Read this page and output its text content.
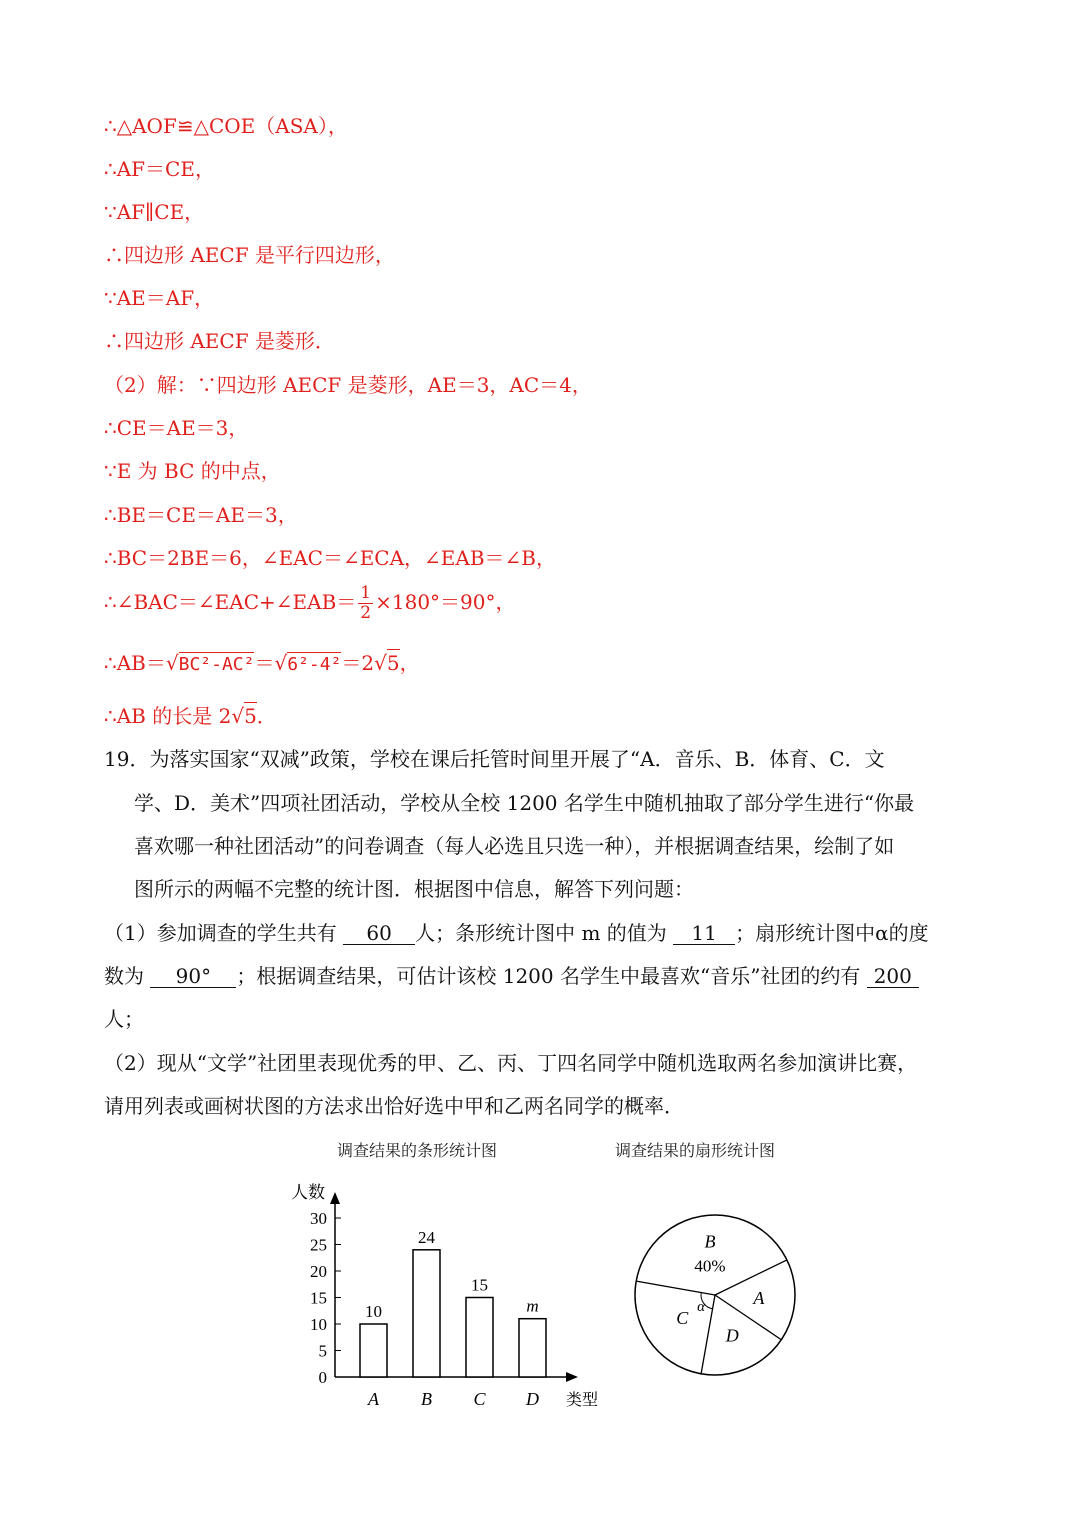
∴△AOF≌△COE（ASA），
∴AF＝CE，
∵AF∥CE，
∴四边形 AECF 是平行四边形，
∵AE＝AF，
∴四边形 AECF 是菱形．
（2）解：∵四边形 AECF 是菱形，AE＝3，AC＝4，
∴CE＝AE＝3，
∵E 为 BC 的中点，
∴BE＝CE＝AE＝3，
∴BC＝2BE＝6，∠EAC＝∠ECA，∠EAB＝∠B，
∴∠BAC＝∠EAC+∠EAB＝ $\frac{1}{2} \times 180^\circ=90^\circ$，
∴AB＝√BC²-AC²＝√6²-4²＝2√5，
∴AB 的长是 2√5．
19．为落实国家“双减”政策，学校在课后托管时间里开展了“A．音乐、B．体育、C．文
学、D．美术”四项社团活动，学校从全校 1200 名学生中随机抽取了部分学生进行“你最
喜欢哪一种社团活动”的问卷调查（每人必选且只选一种），并根据调查结果，绘制了如
图所示的两幅不完整的统计图．根据图中信息，解答下列问题：
（1）参加调查的学生共有 60 人；条形统计图中 m 的值为 11 ；扇形统计图中α的度
数为 90° ；根据调查结果，可估计该校 1200 名学生中最喜欢“音乐”社团的约有 200
人；
（2）现从“文学”社团里表现优秀的甲、乙、丙、丁四名同学中随机选取两名参加演讲比赛，
请用列表或画树状图的方法求出恰好选中甲和乙两名同学的概率．
调查结果的条形统计图	调查结果的扇形统计图
0
5
10
15
20
25
30
人数
类型
10
A
24
B
15
C
m
D
A
D
C
B
40%
α
